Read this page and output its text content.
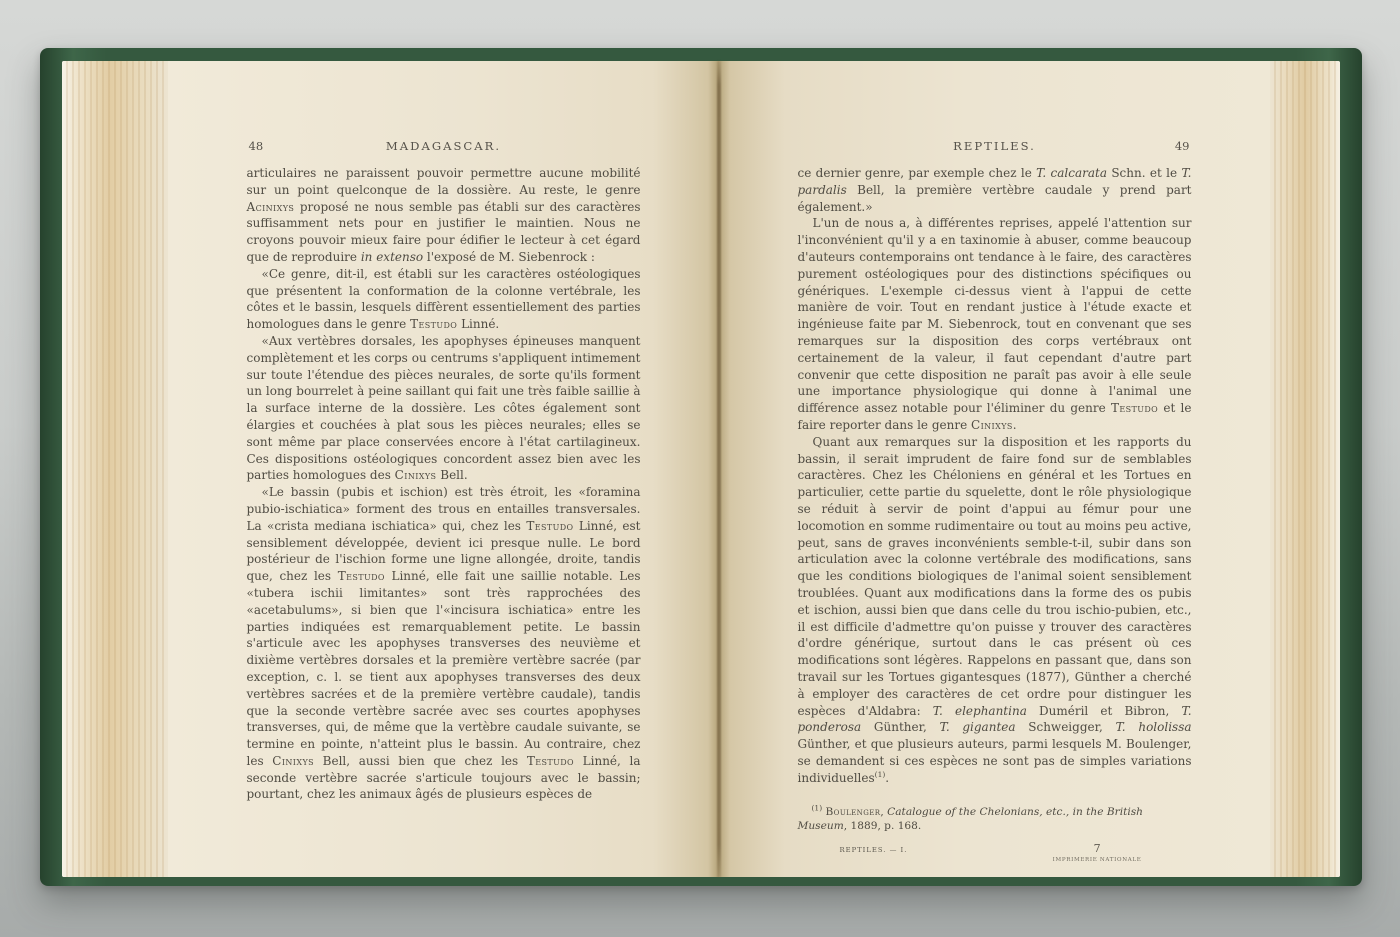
48	MADAGASCAR.

articulaires ne paraissent pouvoir permettre aucune mobilité sur un point quelconque de la dossière. Au reste, le genre Acinixys proposé ne nous semble pas établi sur des caractères suffisamment nets pour en justifier le maintien. Nous ne croyons pouvoir mieux faire pour édifier le lecteur à cet égard que de reproduire in extenso l'exposé de M. Siebenrock :

«Ce genre, dit-il, est établi sur les caractères ostéologiques que présentent la conformation de la colonne vertébrale, les côtes et le bassin, lesquels diffèrent essentiellement des parties homologues dans le genre Testudo Linné.

«Aux vertèbres dorsales, les apophyses épineuses manquent complètement et les corps ou centrums s'appliquent intimement sur toute l'étendue des pièces neurales, de sorte qu'ils forment un long bourrelet à peine saillant qui fait une très faible saillie à la surface interne de la dossière. Les côtes également sont élargies et couchées à plat sous les pièces neurales; elles se sont même par place conservées encore à l'état cartilagineux. Ces dispositions ostéologiques concordent assez bien avec les parties homologues des Cinixys Bell.

«Le bassin (pubis et ischion) est très étroit, les «foramina pubio-ischiatica» forment des trous en entailles transversales. La «crista mediana ischiatica» qui, chez les Testudo Linné, est sensiblement développée, devient ici presque nulle. Le bord postérieur de l'ischion forme une ligne allongée, droite, tandis que, chez les Testudo Linné, elle fait une saillie notable. Les «tubera ischii limitantes» sont très rapprochées des «acetabulums», si bien que l'«incisura ischiatica» entre les parties indiquées est remarquablement petite. Le bassin s'articule avec les apophyses transverses des neuvième et dixième vertèbres dorsales et la première vertèbre sacrée (par exception, c. l. se tient aux apophyses transverses des deux vertèbres sacrées et de la première vertèbre caudale), tandis que la seconde vertèbre sacrée avec ses courtes apophyses transverses, qui, de même que la vertèbre caudale suivante, se termine en pointe, n'atteint plus le bassin. Au contraire, chez les Cinixys Bell, aussi bien que chez les Testudo Linné, la seconde vertèbre sacrée s'articule toujours avec le bassin; pourtant, chez les animaux âgés de plusieurs espèces de

REPTILES.	49

ce dernier genre, par exemple chez le T. calcarata Schn. et le T. pardalis Bell, la première vertèbre caudale y prend part également.»

L'un de nous a, à différentes reprises, appelé l'attention sur l'inconvénient qu'il y a en taxinomie à abuser, comme beaucoup d'auteurs contemporains ont tendance à le faire, des caractères purement ostéologiques pour des distinctions spécifiques ou génériques. L'exemple ci-dessus vient à l'appui de cette manière de voir. Tout en rendant justice à l'étude exacte et ingénieuse faite par M. Siebenrock, tout en convenant que ses remarques sur la disposition des corps vertébraux ont certainement de la valeur, il faut cependant d'autre part convenir que cette disposition ne paraît pas avoir à elle seule une importance physiologique qui donne à l'animal une différence assez notable pour l'éliminer du genre Testudo et le faire reporter dans le genre Cinixys.

Quant aux remarques sur la disposition et les rapports du bassin, il serait imprudent de faire fond sur de semblables caractères. Chez les Chéloniens en général et les Tortues en particulier, cette partie du squelette, dont le rôle physiologique se réduit à servir de point d'appui au fémur pour une locomotion en somme rudimentaire ou tout au moins peu active, peut, sans de graves inconvénients semble-t-il, subir dans son articulation avec la colonne vertébrale des modifications, sans que les conditions biologiques de l'animal soient sensiblement troublées. Quant aux modifications dans la forme des os pubis et ischion, aussi bien que dans celle du trou ischio-pubien, etc., il est difficile d'admettre qu'on puisse y trouver des caractères d'ordre générique, surtout dans le cas présent où ces modifications sont légères. Rappelons en passant que, dans son travail sur les Tortues gigantesques (1877), Günther a cherché à employer des caractères de cet ordre pour distinguer les espèces d'Aldabra: T. elephantina Duméril et Bibron, T. ponderosa Günther, T. gigantea Schweigger, T. hololissa Günther, et que plusieurs auteurs, parmi lesquels M. Boulenger, se demandent si ces espèces ne sont pas de simples variations individuelles$^{(1)}$.

$^{(1)}$ Boulenger, Catalogue of the Chelonians, etc., in the British Museum, 1889, p. 168.
REPTILES. — I.	7
IMPRIMERIE NATIONALE
